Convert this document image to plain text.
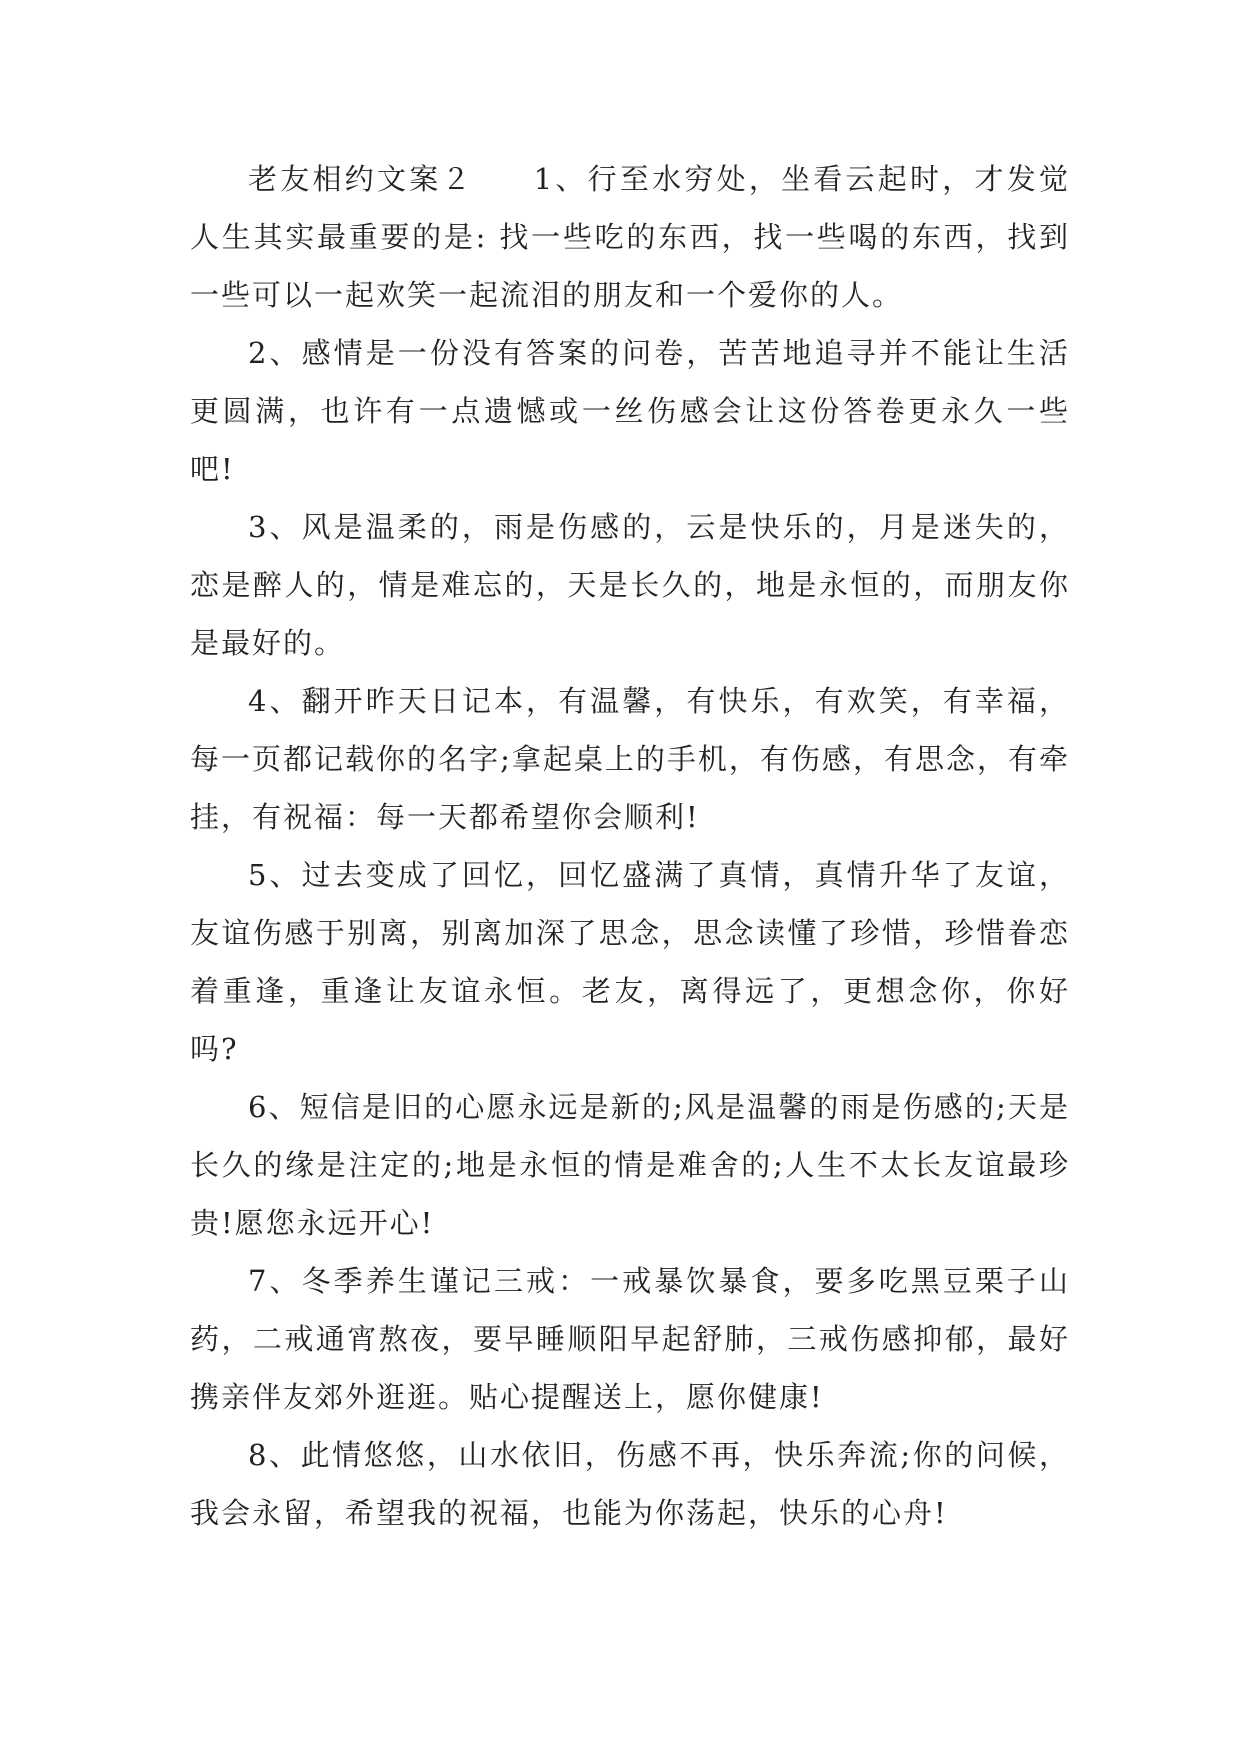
老友相约文案２ 1、行至水穷处，坐看云起时，才发觉人生其实最重要的是: 找一些吃的东西，找一些喝的东西，找到一些可以一起欢笑一起流泪的朋友和一个爱你的人。

2、感情是一份没有答案的问卷，苦苦地追寻并不能让生活更圆满，也许有一点遗憾或一丝伤感会让这份答卷更永久一些吧!

3、风是温柔的，雨是伤感的，云是快乐的，月是迷失的，恋是醉人的，情是难忘的，天是长久的，地是永恒的，而朋友你是最好的。

4、翻开昨天日记本，有温馨，有快乐，有欢笑，有幸福，每一页都记载你的名字;拿起桌上的手机，有伤感，有思念，有牵挂，有祝福：每一天都希望你会顺利!

5、过去变成了回忆，回忆盛满了真情，真情升华了友谊，友谊伤感于别离，别离加深了思念，思念读懂了珍惜，珍惜眷恋着重逢，重逢让友谊永恒。老友，离得远了，更想念你，你好吗?

6、短信是旧的心愿永远是新的;风是温馨的雨是伤感的;天是长久的缘是注定的;地是永恒的情是难舍的;人生不太长友谊最珍贵!愿您永远开心!

7、冬季养生谨记三戒：一戒暴饮暴食，要多吃黑豆栗子山药，二戒通宵熬夜，要早睡顺阳早起舒肺，三戒伤感抑郁，最好携亲伴友郊外逛逛。贴心提醒送上，愿你健康!

8、此情悠悠，山水依旧，伤感不再，快乐奔流;你的问候，我会永留，希望我的祝福，也能为你荡起，快乐的心舟!
